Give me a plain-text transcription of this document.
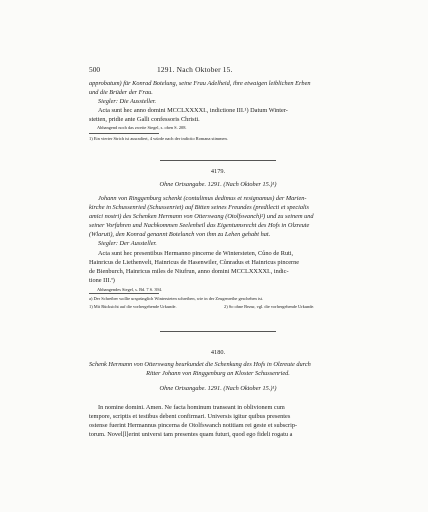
500	1291. Nach Oktober 15.

approbatum) für Konrad Botelung, seine Frau Adelheid, ihre etwaigen leiblichen Erben

und die Brüder der Frau.

Siegler: Die Aussteller.

Acta sunt hec anno domini MCCLXXXXI., indictione III.¹) Datum Winter-

stetten, pridie ante Galli confessoris Christi.

Abhangend noch das zweite Siegel, s. oben S. 208.

1) Ein vierter Strich ist ausradiert, 4 würde nach der indictio Romana stimmen.

4179.

Ohne Ortsangabe. 1291. (Nach Oktober 15.)¹)

Johann von Ringgenburg schenkt (contulimus dedimus et resignamus) der Marien-

kirche in Schussenried (Schussenriet) auf Bitten seines Freundes (predilecti et specialis

amici nostri) des Schenken Hermann von Otterswang (Otolfswanch)²) und zu seinem und

seiner Vorfahren und Nachkommen Seelenheil das Eigentumsrecht des Hofs in Olzreute

(Wlaruti), den Konrad genannt Botelunch von ihm zu Lehen gehabt hat.

Siegler: Der Aussteller.

Acta sunt hec presentibus Hermanno pincerne de Wintersteten, Cůno de Ruti,

Hainricus de Liethenvelt, Hainricus de Hasenwiler, Cůnradus et Hainricus pincerne

de Bienburch, Hainricus miles de Niufrun, anno domini MCCLXXXXI., indic-

tione III.ª)

Abhangendes Siegel, s. Bd. 7 S. 394.

a) Der Schreiber wollte ursprünglich Wintersteten schreiben, wie in der Zeugenreihe geschehen ist.

1) Mit Rücksicht auf die vorhergehende Urkunde.	2) So ohne Bezur, vgl. die vorhergehende Urkunde.
4180.

Schenk Hermann von Otterswang beurkundet die Schenkung des Hofs in Olzreute durch

Ritter Johann von Ringgenburg an Kloster Schussenried.

Ohne Ortsangabe. 1291. (Nach Oktober 15.)¹)

In nomine domini. Amen. Ne facta hominum transeant in oblivionem cum

tempore, scriptis et testibus debent confirmari. Universis igitur quibus presentes

ostense fuerint Hermannus pincerna de Otolfswanch notitiam rei geste et subscrip-

torum. Novel[l]erint universi tam presentes quam futuri, quod ego fideli rogatu a
